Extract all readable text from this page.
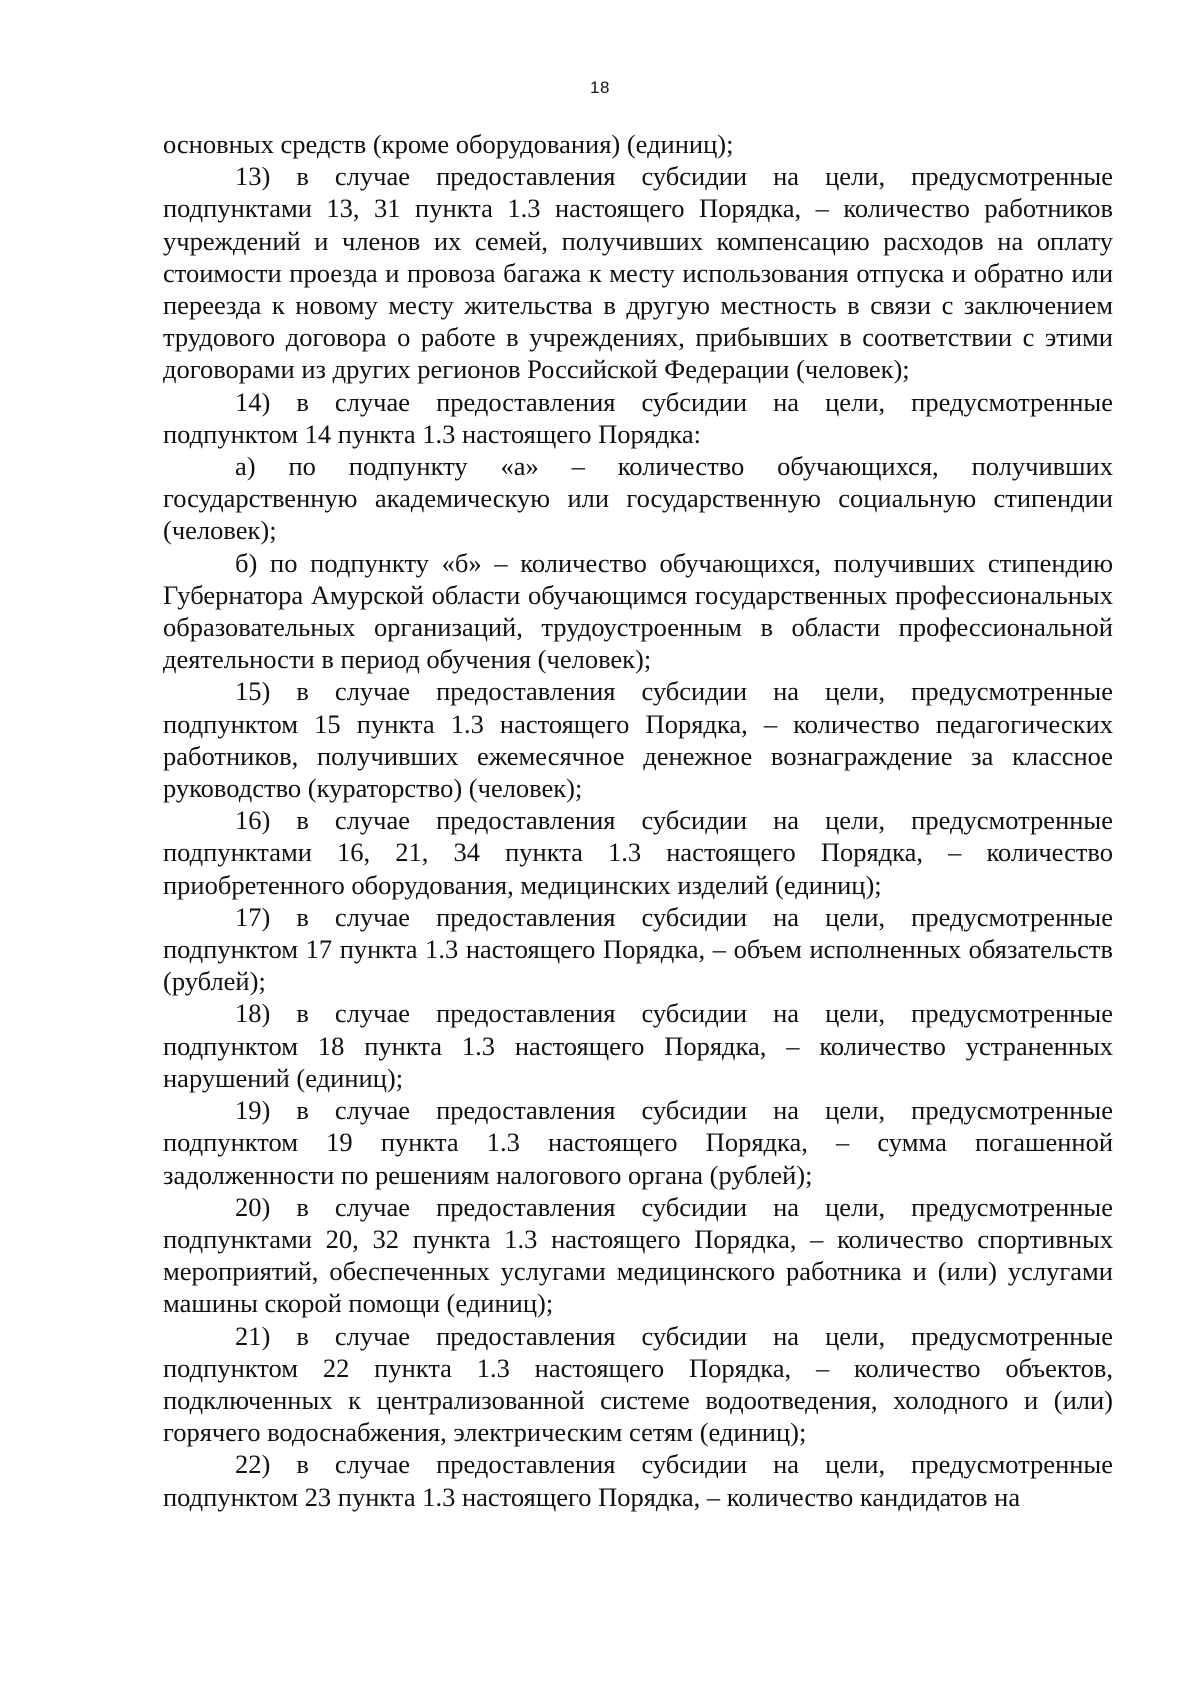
18

основных средств (кроме оборудования) (единиц);

13) в случае предоставления субсидии на цели, предусмотренные подпунктами 13, 31 пункта 1.3 настоящего Порядка, – количество работников учреждений и членов их семей, получивших компенсацию расходов на оплату стоимости проезда и провоза багажа к месту использования отпуска и обратно или переезда к новому месту жительства в другую местность в связи с заключением трудового договора о работе в учреждениях, прибывших в соответствии с этими договорами из других регионов Российской Федерации (человек);

14) в случае предоставления субсидии на цели, предусмотренные подпунктом 14 пункта 1.3 настоящего Порядка:

а) по подпункту «а» – количество обучающихся, получивших государственную академическую или государственную социальную стипендии (человек);

б) по подпункту «б» – количество обучающихся, получивших стипендию Губернатора Амурской области обучающимся государственных профессиональных образовательных организаций, трудоустроенным в области профессиональной деятельности в период обучения (человек);

15) в случае предоставления субсидии на цели, предусмотренные подпунктом 15 пункта 1.3 настоящего Порядка, – количество педагогических работников, получивших ежемесячное денежное вознаграждение за классное руководство (кураторство) (человек);

16) в случае предоставления субсидии на цели, предусмотренные подпунктами 16, 21, 34 пункта 1.3 настоящего Порядка, – количество приобретенного оборудования, медицинских изделий (единиц);

17) в случае предоставления субсидии на цели, предусмотренные подпунктом 17 пункта 1.3 настоящего Порядка, – объем исполненных обязательств (рублей);

18) в случае предоставления субсидии на цели, предусмотренные подпунктом 18 пункта 1.3 настоящего Порядка, – количество устраненных нарушений (единиц);

19) в случае предоставления субсидии на цели, предусмотренные подпунктом 19 пункта 1.3 настоящего Порядка, – сумма погашенной задолженности по решениям налогового органа (рублей);

20) в случае предоставления субсидии на цели, предусмотренные подпунктами 20, 32 пункта 1.3 настоящего Порядка, – количество спортивных мероприятий, обеспеченных услугами медицинского работника и (или) услугами машины скорой помощи (единиц);

21) в случае предоставления субсидии на цели, предусмотренные подпунктом 22 пункта 1.3 настоящего Порядка, – количество объектов, подключенных к централизованной системе водоотведения, холодного и (или) горячего водоснабжения, электрическим сетям (единиц);

22) в случае предоставления субсидии на цели, предусмотренные подпунктом 23 пункта 1.3 настоящего Порядка, – количество кандидатов на
